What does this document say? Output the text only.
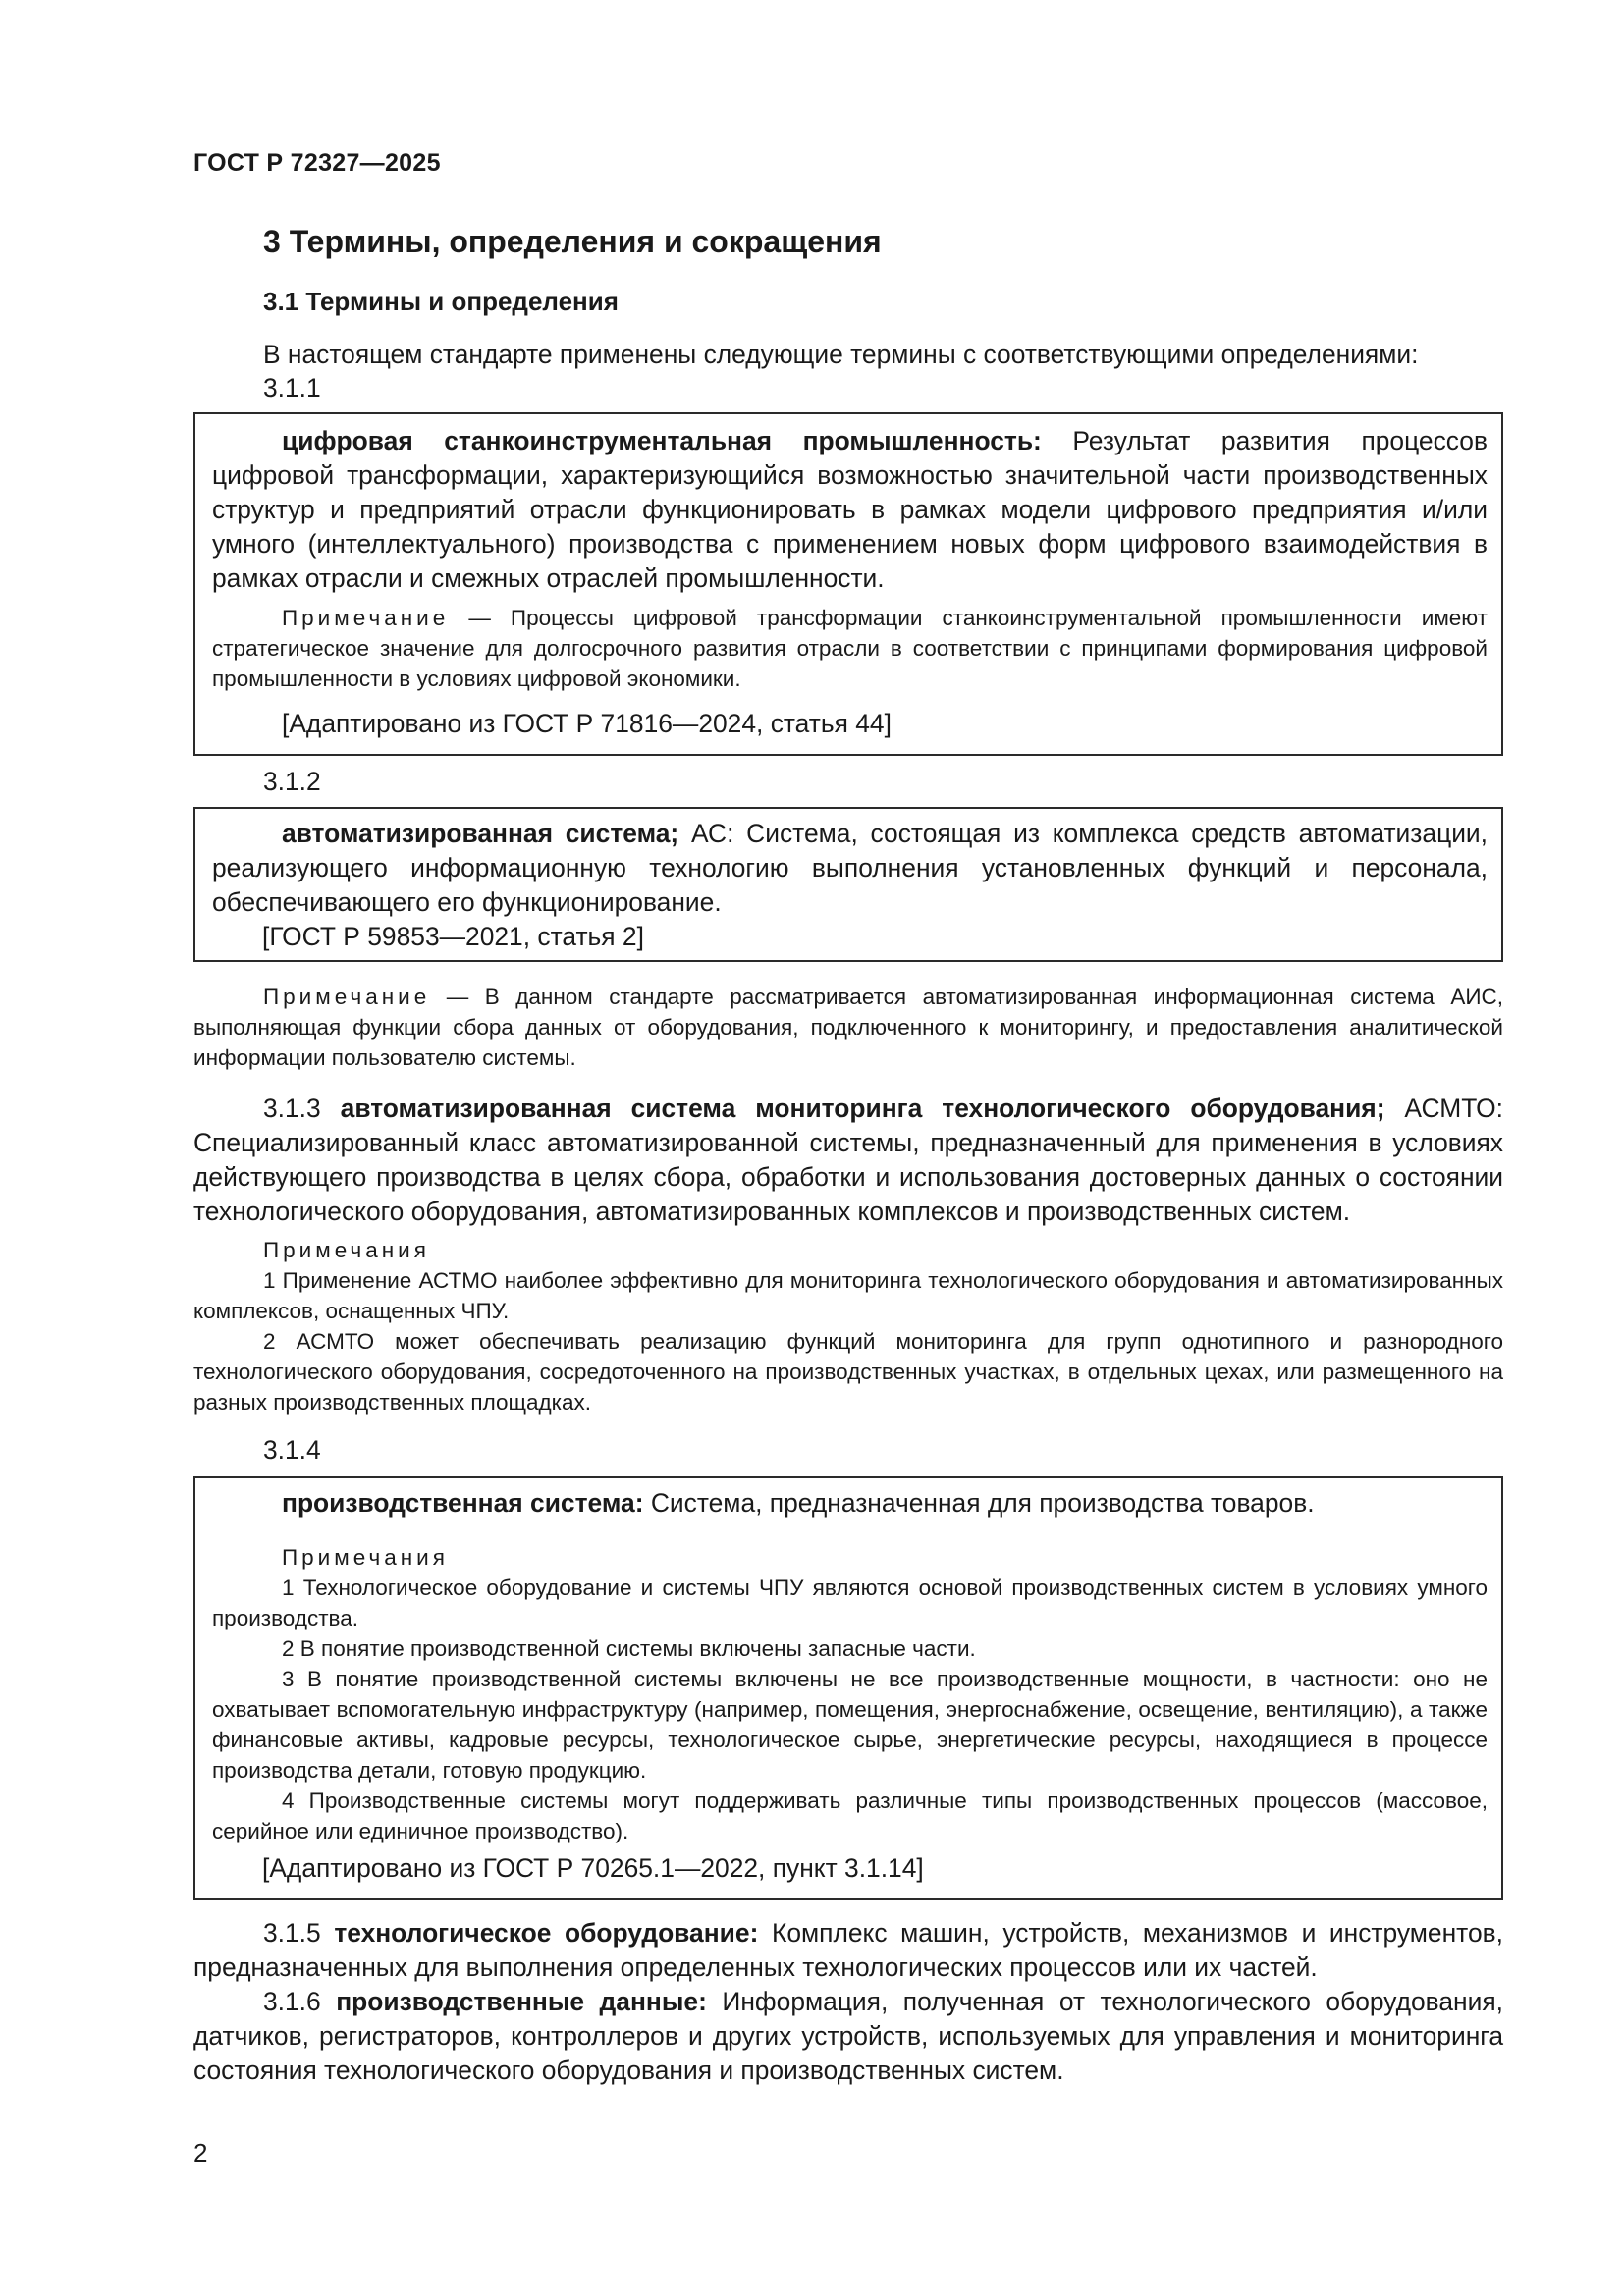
ГОСТ Р 72327—2025
3 Термины, определения и сокращения
3.1 Термины и определения

В настоящем стандарте применены следующие термины с соответствующими определениями:

3.1.1

цифровая станкоинструментальная промышленность: Результат развития процессов цифровой трансформации, характеризующийся возможностью значительной части производственных структур и предприятий отрасли функционировать в рамках модели цифрового предприятия и/или умного (интеллектуального) производства с применением новых форм цифрового взаимодействия в рамках отрасли и смежных отраслей промышленности.

Примечание — Процессы цифровой трансформации станкоинструментальной промышленности имеют стратегическое значение для долгосрочного развития отрасли в соответствии с принципами формирования цифровой промышленности в условиях цифровой экономики.

[Адаптировано из ГОСТ Р 71816—2024, статья 44]

3.1.2

автоматизированная система; АС: Система, состоящая из комплекса средств автоматизации, реализующего информационную технологию выполнения установленных функций и персонала, обеспечивающего его функционирование.

[ГОСТ Р 59853—2021, статья 2]

Примечание — В данном стандарте рассматривается автоматизированная информационная система АИС, выполняющая функции сбора данных от оборудования, подключенного к мониторингу, и предоставления аналитической информации пользователю системы.

3.1.3 автоматизированная система мониторинга технологического оборудования; АСМТО: Специализированный класс автоматизированной системы, предназначенный для применения в условиях действующего производства в целях сбора, обработки и использования достоверных данных о состоянии технологического оборудования, автоматизированных комплексов и производственных систем.

Примечания

1 Применение АСТМО наиболее эффективно для мониторинга технологического оборудования и автоматизированных комплексов, оснащенных ЧПУ.

2 АСМТО может обеспечивать реализацию функций мониторинга для групп однотипного и разнородного технологического оборудования, сосредоточенного на производственных участках, в отдельных цехах, или размещенного на разных производственных площадках.

3.1.4

производственная система: Система, предназначенная для производства товаров.

Примечания

1 Технологическое оборудование и системы ЧПУ являются основой производственных систем в условиях умного производства.

2 В понятие производственной системы включены запасные части.

3 В понятие производственной системы включены не все производственные мощности, в частности: оно не охватывает вспомогательную инфраструктуру (например, помещения, энергоснабжение, освещение, вентиляцию), а также финансовые активы, кадровые ресурсы, технологическое сырье, энергетические ресурсы, находящиеся в процессе производства детали, готовую продукцию.

4 Производственные системы могут поддерживать различные типы производственных процессов (массовое, серийное или единичное производство).

[Адаптировано из ГОСТ Р 70265.1—2022, пункт 3.1.14]

3.1.5 технологическое оборудование: Комплекс машин, устройств, механизмов и инструментов, предназначенных для выполнения определенных технологических процессов или их частей.

3.1.6 производственные данные: Информация, полученная от технологического оборудования, датчиков, регистраторов, контроллеров и других устройств, используемых для управления и мониторинга состояния технологического оборудования и производственных систем.

2
